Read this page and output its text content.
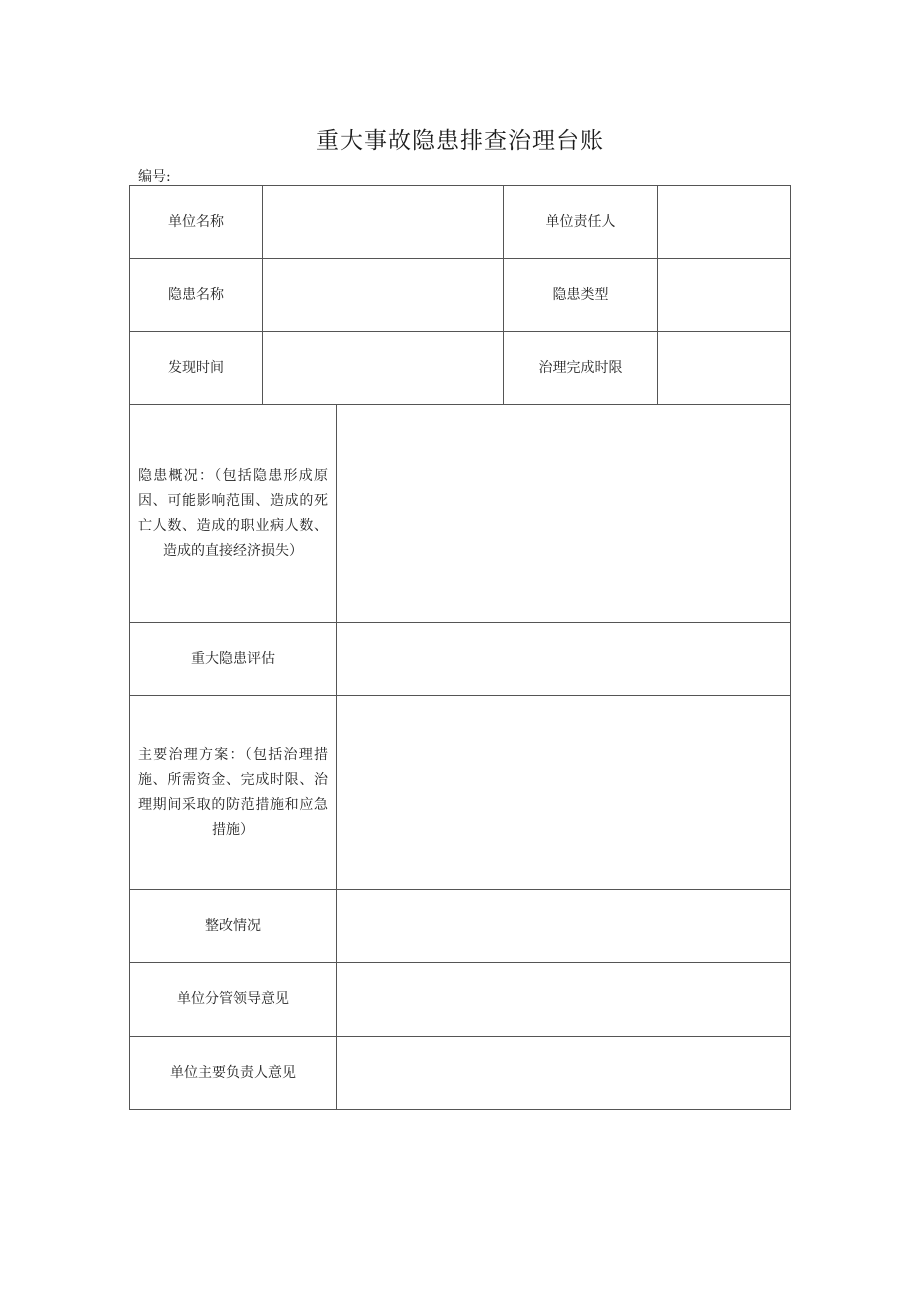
重大事故隐患排查治理台账
编号:
单位名称			单位责任人	
隐患名称			隐患类型	
发现时间			治理完成时限	
隐患概况：（包括隐患形成原因、可能影响范围、造成的死亡人数、造成的职业病人数、造成的直接经济损失）				
重大隐患评估				
主要治理方案：（包括治理措施、所需资金、完成时限、治理期间采取的防范措施和应急措施）				
整改情况				
单位分管领导意见				
单位主要负责人意见				
